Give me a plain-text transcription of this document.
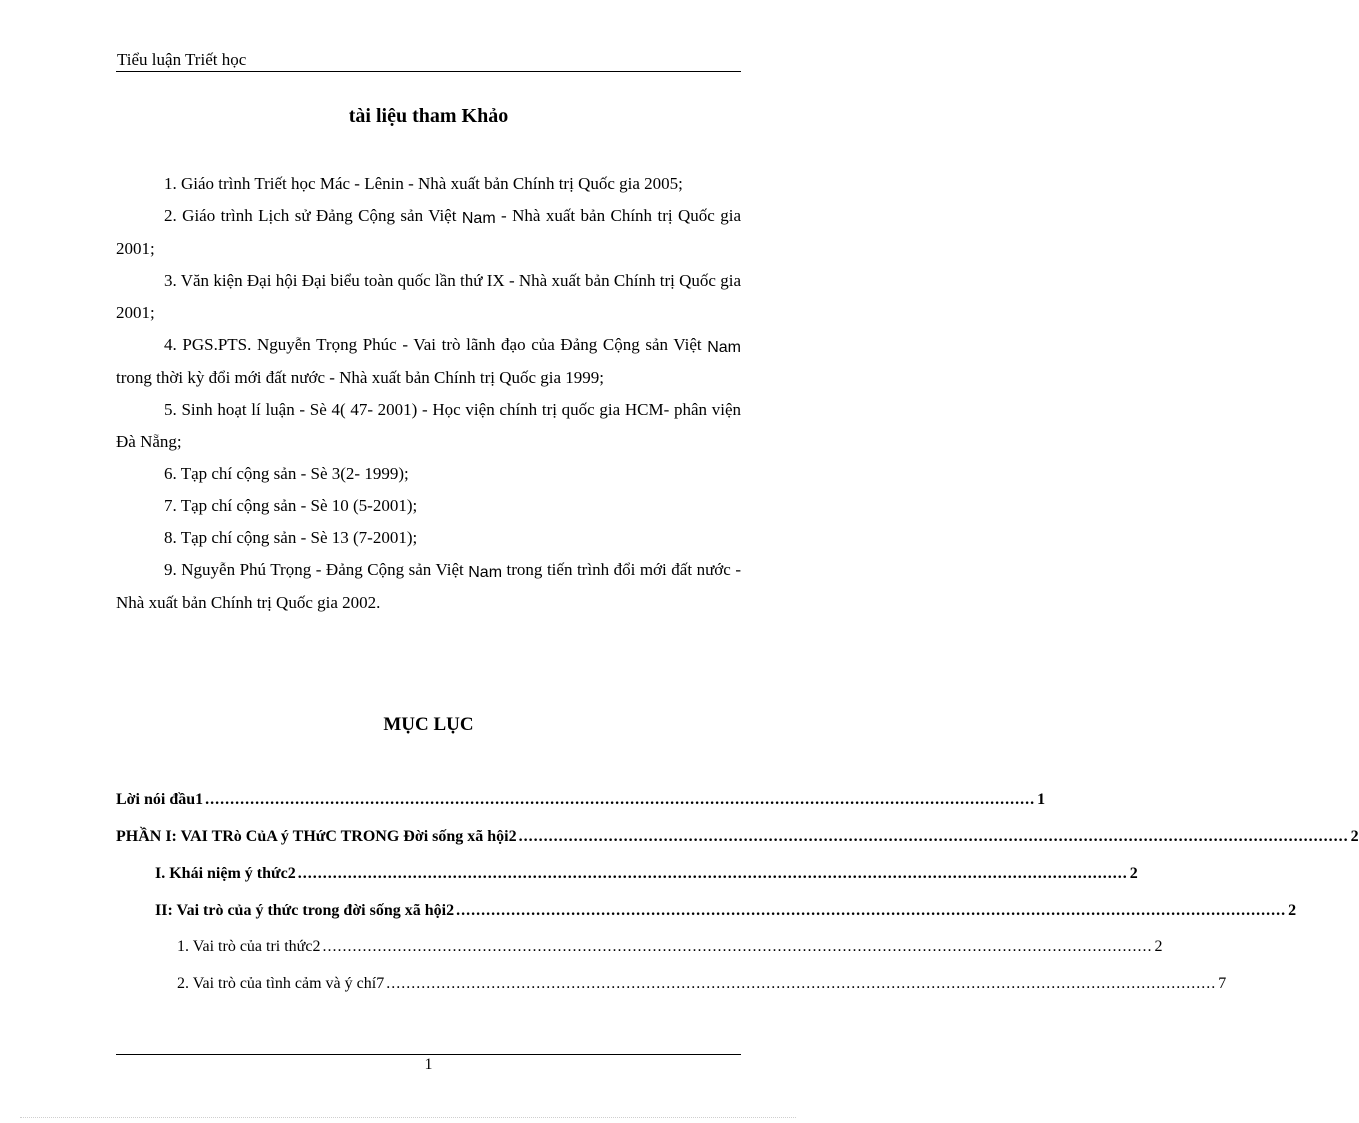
Tiểu luận Triết học
tài liệu tham Khảo

1. Giáo trình Triết học Mác - Lênin - Nhà xuất bản Chính trị Quốc gia 2005;

2. Giáo trình Lịch sử Đảng Cộng sản Việt Nam - Nhà xuất bản Chính trị Quốc gia 2001;

3. Văn kiện Đại hội Đại biểu toàn quốc lần thứ IX - Nhà xuất bản Chính trị Quốc gia 2001;

4. PGS.PTS. Nguyễn Trọng Phúc - Vai trò lãnh đạo của Đảng Cộng sản Việt Nam trong thời kỳ đổi mới đất nước - Nhà xuất bản Chính trị Quốc gia 1999;

5. Sinh hoạt lí luận - Sè 4( 47- 2001) - Học viện chính trị quốc gia HCM- phân viện Đà Nẵng;

6. Tạp chí cộng sản - Sè 3(2- 1999);

7. Tạp chí cộng sản - Sè 10 (5-2001);

8. Tạp chí cộng sản - Sè 13 (7-2001);

9. Nguyễn Phú Trọng - Đảng Cộng sản Việt Nam trong tiến trình đổi mới đất nước - Nhà xuất bản Chính trị Quốc gia 2002.

MỤC LỤC
Lời nói đầu1 ...................................................................................................................................................................... 1
PHẦN I: VAI TRò CủA ý THứC TRONG Đời sống xã hội2 ...................................................................................................................................................................... 2
I. Khái niệm ý thức2 ...................................................................................................................................................................... 2
II: Vai trò của ý thức trong đời sống xã hội2 ...................................................................................................................................................................... 2
1. Vai trò của tri thức2 ...................................................................................................................................................................... 2
2. Vai trò của tình cảm và ý chí7 ...................................................................................................................................................................... 7
1
